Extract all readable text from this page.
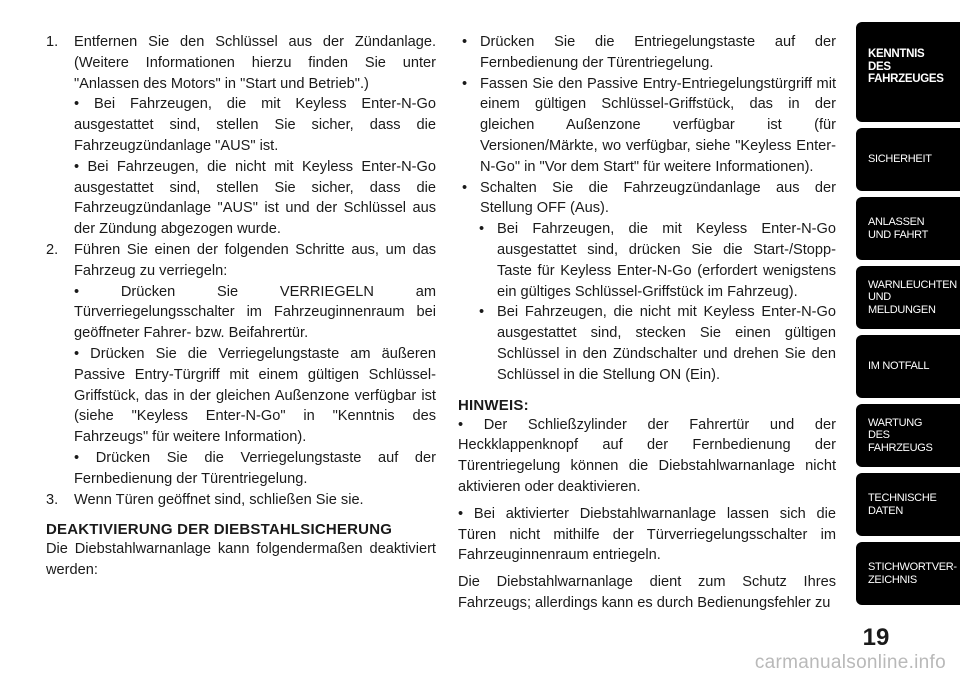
1. Entfernen Sie den Schlüssel aus der Zündanlage. (Weitere Informationen hierzu finden Sie unter "Anlassen des Motors" in "Start und Betrieb".)
• Bei Fahrzeugen, die mit Keyless Enter-N-Go ausgestattet sind, stellen Sie sicher, dass die Fahrzeugzündanlage "AUS" ist.
• Bei Fahrzeugen, die nicht mit Keyless Enter-N-Go ausgestattet sind, stellen Sie sicher, dass die Fahrzeugzündanlage "AUS" ist und der Schlüssel aus der Zündung abgezogen wurde.
2. Führen Sie einen der folgenden Schritte aus, um das Fahrzeug zu verriegeln:
• Drücken Sie VERRIEGELN am Türverriegelungsschalter im Fahrzeuginnenraum bei geöffneter Fahrer- bzw. Beifahrertür.
• Drücken Sie die Verriegelungstaste am äußeren Passive Entry-Türgriff mit einem gültigen Schlüssel-Griffstück, das in der gleichen Außenzone verfügbar ist (siehe "Keyless Enter-N-Go" in "Kenntnis des Fahrzeugs" für weitere Information).
• Drücken Sie die Verriegelungstaste auf der Fernbedienung der Türentriegelung.
3. Wenn Türen geöffnet sind, schließen Sie sie.
DEAKTIVIERUNG DER DIEBSTAHLSICHERUNG
Die Diebstahlwarnanlage kann folgendermaßen deaktiviert werden:
• Drücken Sie die Entriegelungstaste auf der Fernbedienung der Türentriegelung.
• Fassen Sie den Passive Entry-Entriegelungstürgriff mit einem gültigen Schlüssel-Griffstück, das in der gleichen Außenzone verfügbar ist (für Versionen/Märkte, wo verfügbar, siehe "Keyless Enter-N-Go" in "Vor dem Start" für weitere Informationen).
• Schalten Sie die Fahrzeugzündanlage aus der Stellung OFF (Aus).
• Bei Fahrzeugen, die mit Keyless Enter-N-Go ausgestattet sind, drücken Sie die Start-/Stopp-Taste für Keyless Enter-N-Go (erfordert wenigstens ein gültiges Schlüssel-Griffstück im Fahrzeug).
• Bei Fahrzeugen, die nicht mit Keyless Enter-N-Go ausgestattet sind, stecken Sie einen gültigen Schlüssel in den Zündschalter und drehen Sie den Schlüssel in die Stellung ON (Ein).
HINWEIS:
• Der Schließzylinder der Fahrertür und der Heckklappenknopf auf der Fernbedienung der Türentriegelung können die Diebstahlwarnanlage nicht aktivieren oder deaktivieren.
• Bei aktivierter Diebstahlwarnanlage lassen sich die Türen nicht mithilfe der Türverriegelungsschalter im Fahrzeuginnenraum entriegeln.
Die Diebstahlwarnanlage dient zum Schutz Ihres Fahrzeugs; allerdings kann es durch Bedienungsfehler zu
KENNTNIS
DES
FAHRZEUGES
SICHERHEIT
ANLASSEN
UND FAHRT
WARNLEUCHTEN
UND
MELDUNGEN
IM NOTFALL
WARTUNG
DES
FAHRZEUGS
TECHNISCHE
DATEN
STICHWORTVER-
ZEICHNIS
19
carmanualsonline.info
